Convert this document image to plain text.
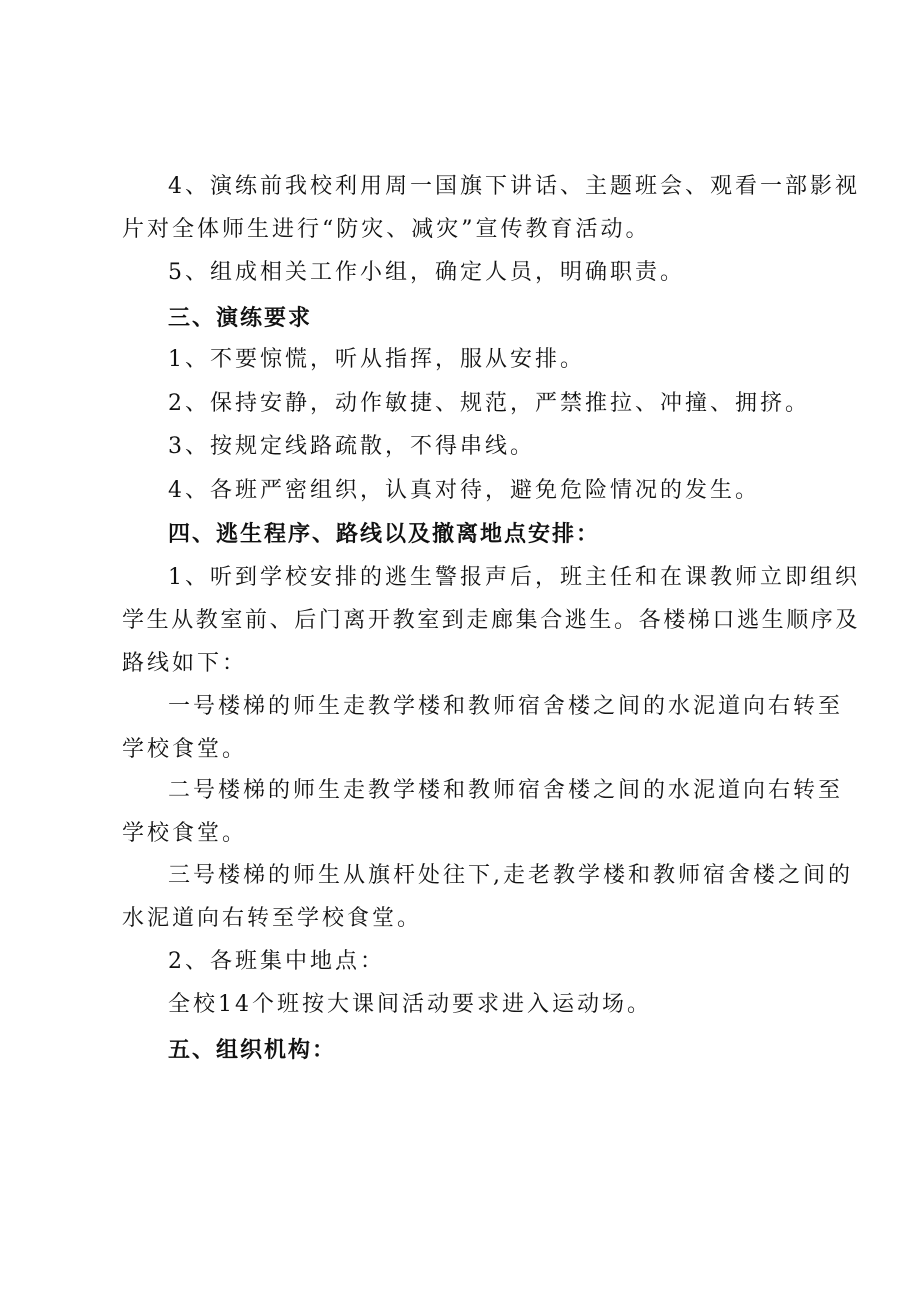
4、演练前我校利用周一国旗下讲话、主题班会、观看一部影视
片对全体师生进行“防灾、减灾”宣传教育活动。
5、组成相关工作小组，确定人员，明确职责。
三、演练要求
1、不要惊慌，听从指挥，服从安排。
2、保持安静，动作敏捷、规范，严禁推拉、冲撞、拥挤。
3、按规定线路疏散，不得串线。
4、各班严密组织，认真对待，避免危险情况的发生。
四、逃生程序、路线以及撤离地点安排：
1、听到学校安排的逃生警报声后，班主任和在课教师立即组织
学生从教室前、后门离开教室到走廊集合逃生。各楼梯口逃生顺序及
路线如下：
一号楼梯的师生走教学楼和教师宿舍楼之间的水泥道向右转至
学校食堂。
二号楼梯的师生走教学楼和教师宿舍楼之间的水泥道向右转至
学校食堂。
三号楼梯的师生从旗杆处往下,走老教学楼和教师宿舍楼之间的
水泥道向右转至学校食堂。
2、各班集中地点：
全校14个班按大课间活动要求进入运动场。
五、组织机构：
